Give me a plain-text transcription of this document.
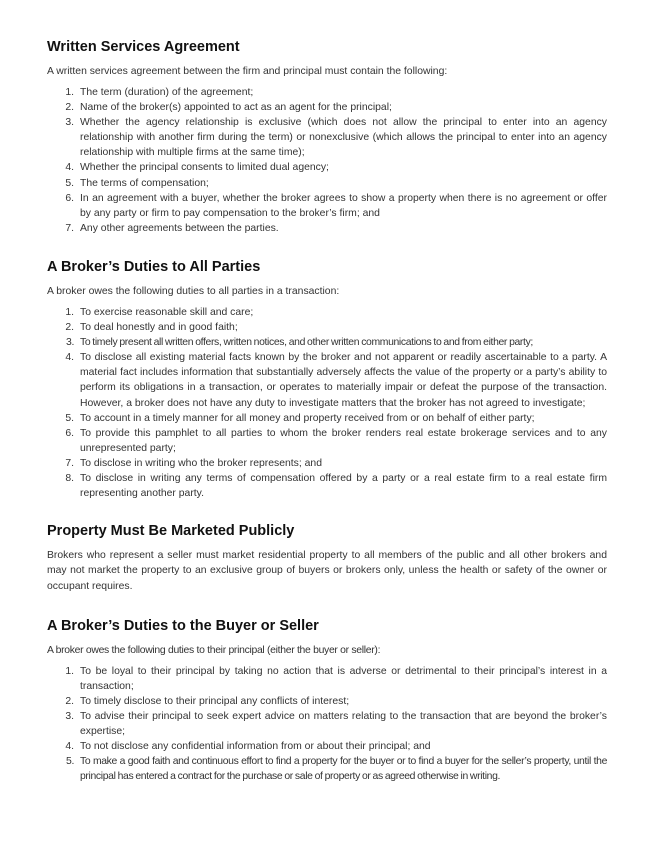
Written Services Agreement

A written services agreement between the firm and principal must contain the following:

1. The term (duration) of the agreement;
2. Name of the broker(s) appointed to act as an agent for the principal;
3. Whether the agency relationship is exclusive (which does not allow the principal to enter into an agency relationship with another firm during the term) or nonexclusive (which allows the principal to enter into an agency relationship with multiple firms at the same time);
4. Whether the principal consents to limited dual agency;
5. The terms of compensation;
6. In an agreement with a buyer, whether the broker agrees to show a property when there is no agreement or offer by any party or firm to pay compensation to the broker’s firm; and
7. Any other agreements between the parties.
A Broker’s Duties to All Parties

A broker owes the following duties to all parties in a transaction:

1. To exercise reasonable skill and care;
2. To deal honestly and in good faith;
3. To timely present all written offers, written notices, and other written communications to and from either party;
4. To disclose all existing material facts known by the broker and not apparent or readily ascertainable to a party. A material fact includes information that substantially adversely affects the value of the property or a party’s ability to perform its obligations in a transaction, or operates to materially impair or defeat the purpose of the transaction. However, a broker does not have any duty to investigate matters that the broker has not agreed to investigate;
5. To account in a timely manner for all money and property received from or on behalf of either party;
6. To provide this pamphlet to all parties to whom the broker renders real estate brokerage services and to any unrepresented party;
7. To disclose in writing who the broker represents; and
8. To disclose in writing any terms of compensation offered by a party or a real estate firm to a real estate firm representing another party.
Property Must Be Marketed Publicly

Brokers who represent a seller must market residential property to all members of the public and all other brokers and may not market the property to an exclusive group of buyers or brokers only, unless the health or safety of the owner or occupant requires.

A Broker’s Duties to the Buyer or Seller

A broker owes the following duties to their principal (either the buyer or seller):

1. To be loyal to their principal by taking no action that is adverse or detrimental to their principal’s interest in a transaction;
2. To timely disclose to their principal any conflicts of interest;
3. To advise their principal to seek expert advice on matters relating to the transaction that are beyond the broker’s expertise;
4. To not disclose any confidential information from or about their principal; and
5. To make a good faith and continuous effort to find a property for the buyer or to find a buyer for the seller’s property, until the principal has entered a contract for the purchase or sale of property or as agreed otherwise in writing.
